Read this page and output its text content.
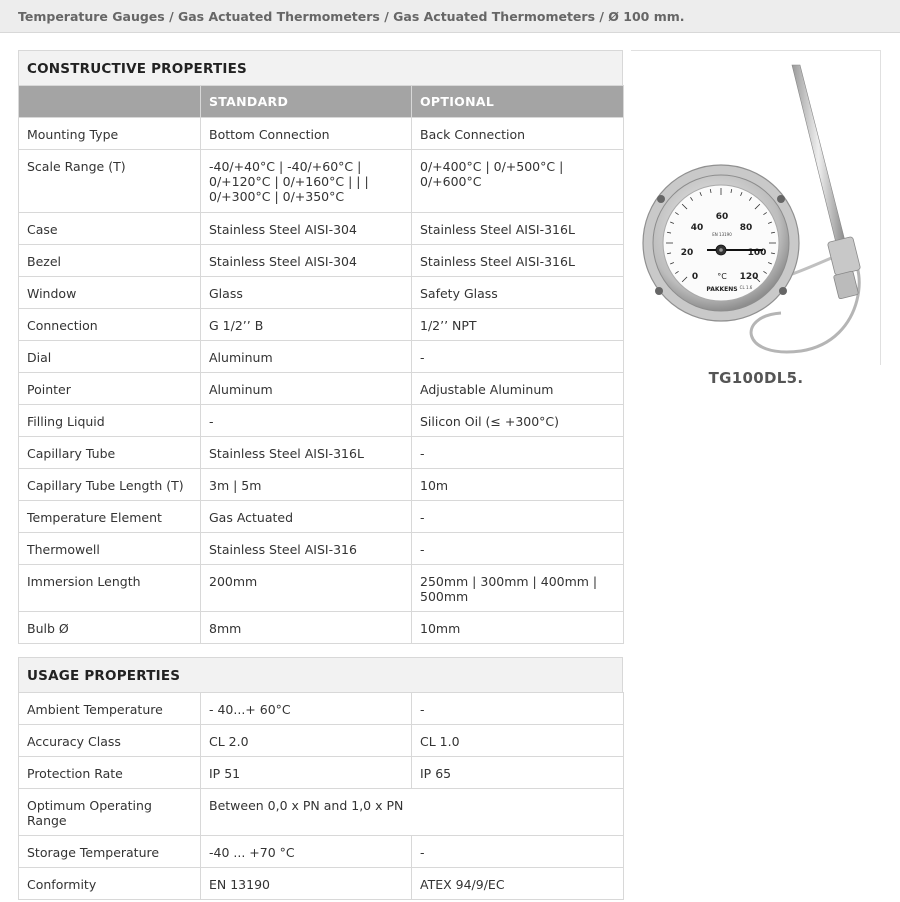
Temperature Gauges / Gas Actuated Thermometers / Gas Actuated Thermometers / Ø 100 mm.
CONSTRUCTIVE PROPERTIES
	STANDARD	OPTIONAL
Mounting Type	Bottom Connection	Back Connection
Scale Range (T)	-40/+40°C | -40/+60°C | 0/+120°C | 0/+160°C | | | 0/+300°C | 0/+350°C	0/+400°C | 0/+500°C | 0/+600°C
Case	Stainless Steel AISI-304	Stainless Steel AISI-316L
Bezel	Stainless Steel AISI-304	Stainless Steel AISI-316L
Window	Glass	Safety Glass
Connection	G 1/2’’ B	1/2’’ NPT
Dial	Aluminum	-
Pointer	Aluminum	Adjustable Aluminum
Filling Liquid	-	Silicon Oil (≤ +300°C)
Capillary Tube	Stainless Steel AISI-316L	-
Capillary Tube Length (T)	3m | 5m	10m
Temperature Element	Gas Actuated	-
Thermowell	Stainless Steel AISI-316	-
Immersion Length	200mm	250mm | 300mm | 400mm | 500mm
Bulb Ø	8mm	10mm
USAGE PROPERTIES
Ambient Temperature	- 40...+ 60°C	-
Accuracy Class	CL 2.0	CL 1.0
Protection Rate	IP 51	IP 65
Optimum Operating Range	Between 0,0 x PN and 1,0 x PN	
Storage Temperature	-40 ... +70 °C	-
Conformity	EN 13190	ATEX 94/9/EC
0
20
40
60
80
100
120
°C
PAKKENS
EN 13190
CL 1.6
TG100DL5.
